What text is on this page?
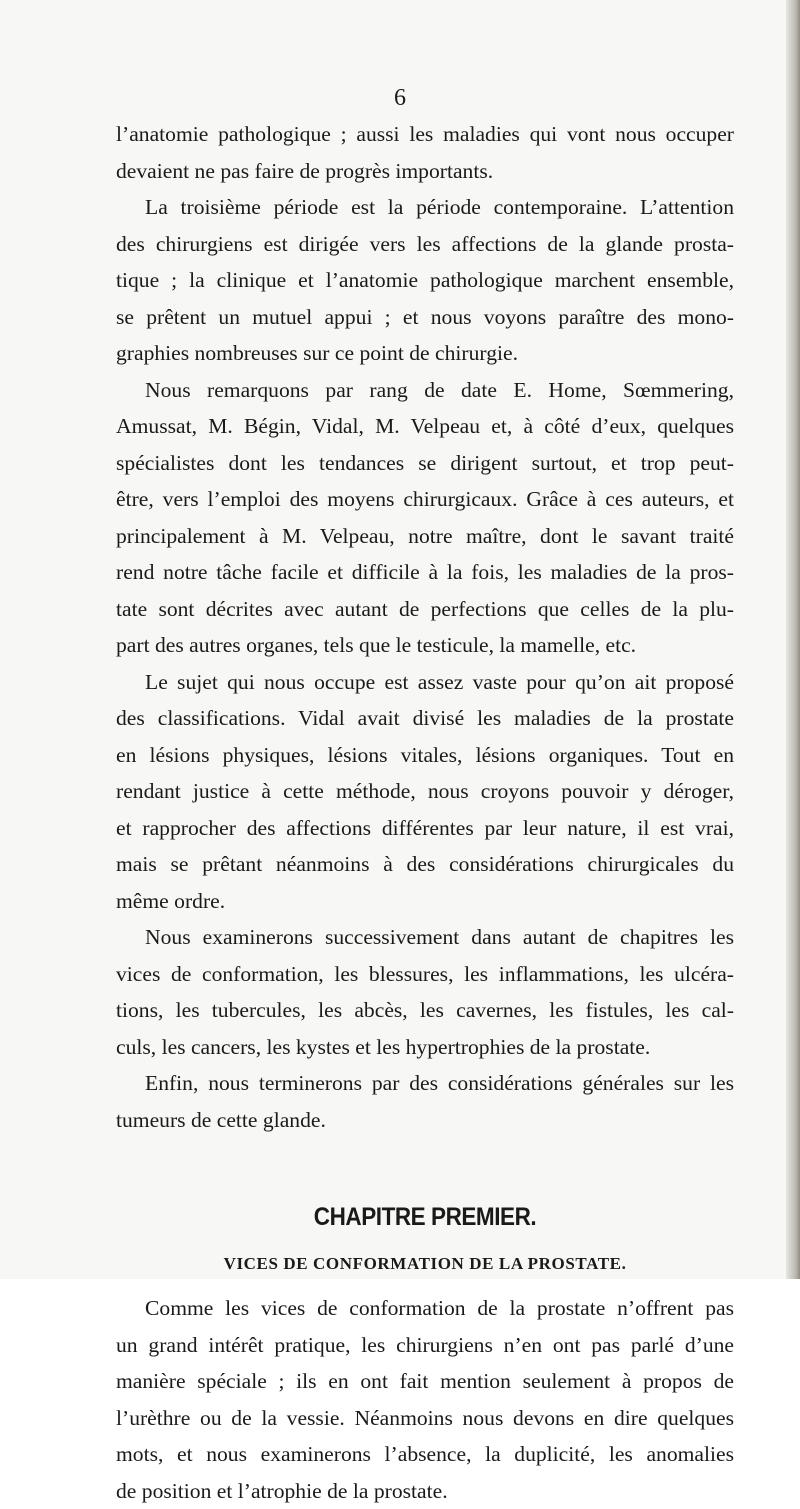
6
l’anatomie pathologique ; aussi les maladies qui vont nous occuper
devaient ne pas faire de progrès importants.
La troisième période est la période contemporaine. L’attention
des chirurgiens est dirigée vers les affections de la glande prosta-
tique ; la clinique et l’anatomie pathologique marchent ensemble,
se prêtent un mutuel appui ; et nous voyons paraître des mono-
graphies nombreuses sur ce point de chirurgie.
Nous remarquons par rang de date E. Home, Sœmmering,
Amussat, M. Bégin, Vidal, M. Velpeau et, à côté d’eux, quelques
spécialistes dont les tendances se dirigent surtout, et trop peut-
être, vers l’emploi des moyens chirurgicaux. Grâce à ces auteurs, et
principalement à M. Velpeau, notre maître, dont le savant traité
rend notre tâche facile et difficile à la fois, les maladies de la pros-
tate sont décrites avec autant de perfections que celles de la plu-
part des autres organes, tels que le testicule, la mamelle, etc.
Le sujet qui nous occupe est assez vaste pour qu’on ait proposé
des classifications. Vidal avait divisé les maladies de la prostate
en lésions physiques, lésions vitales, lésions organiques. Tout en
rendant justice à cette méthode, nous croyons pouvoir y déroger,
et rapprocher des affections différentes par leur nature, il est vrai,
mais se prêtant néanmoins à des considérations chirurgicales du
même ordre.
Nous examinerons successivement dans autant de chapitres les
vices de conformation, les blessures, les inflammations, les ulcéra-
tions, les tubercules, les abcès, les cavernes, les fistules, les cal-
culs, les cancers, les kystes et les hypertrophies de la prostate.
Enfin, nous terminerons par des considérations générales sur les
tumeurs de cette glande.
CHAPITRE PREMIER.
VICES DE CONFORMATION DE LA PROSTATE.
Comme les vices de conformation de la prostate n’offrent pas
un grand intérêt pratique, les chirurgiens n’en ont pas parlé d’une
manière spéciale ; ils en ont fait mention seulement à propos de
l’urèthre ou de la vessie. Néanmoins nous devons en dire quelques
mots, et nous examinerons l’absence, la duplicité, les anomalies
de position et l’atrophie de la prostate.
